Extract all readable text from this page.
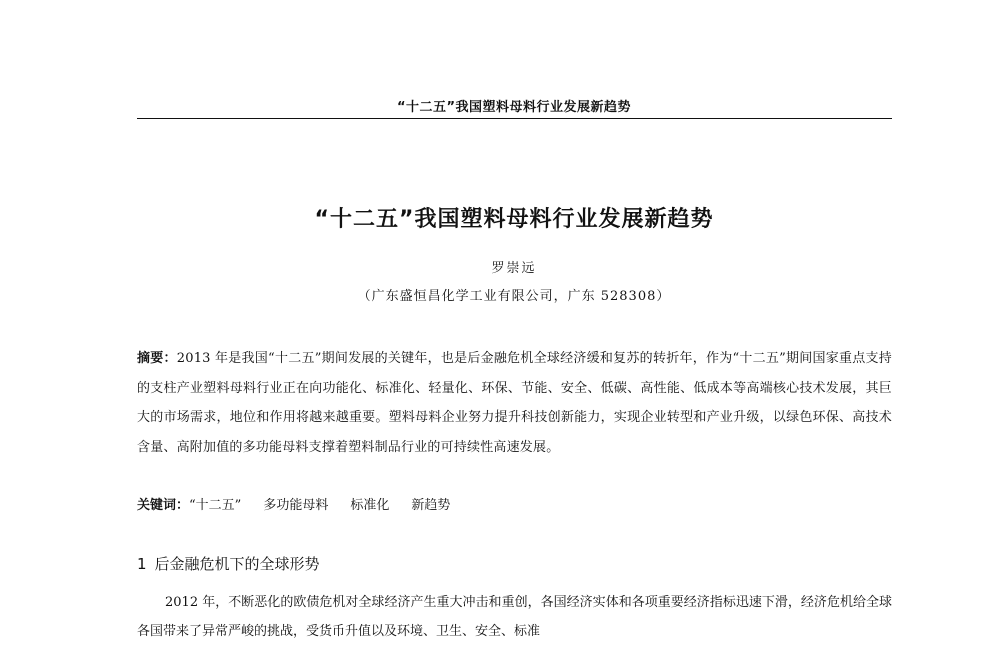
“十二五”我国塑料母料行业发展新趋势
“十二五”我国塑料母料行业发展新趋势
罗崇远
（广东盛恒昌化学工业有限公司，广东 528308）
摘要：2013 年是我国“十二五”期间发展的关键年，也是后金融危机全球经济缓和复苏的转折年，作为“十二五”期间国家重点支持的支柱产业塑料母料行业正在向功能化、标准化、轻量化、环保、节能、安全、低碳、高性能、低成本等高端核心技术发展，其巨大的市场需求，地位和作用将越来越重要。塑料母料企业努力提升科技创新能力，实现企业转型和产业升级，以绿色环保、高技术含量、高附加值的多功能母料支撑着塑料制品行业的可持续性高速发展。
关键词：“十二五” 多功能母料 标准化 新趋势
1 后金融危机下的全球形势
2012 年，不断恶化的欧债危机对全球经济产生重大冲击和重创，各国经济实体和各项重要经济指标迅速下滑，经济危机给全球各国带来了异常严峻的挑战，受货币升值以及环境、卫生、安全、标准
